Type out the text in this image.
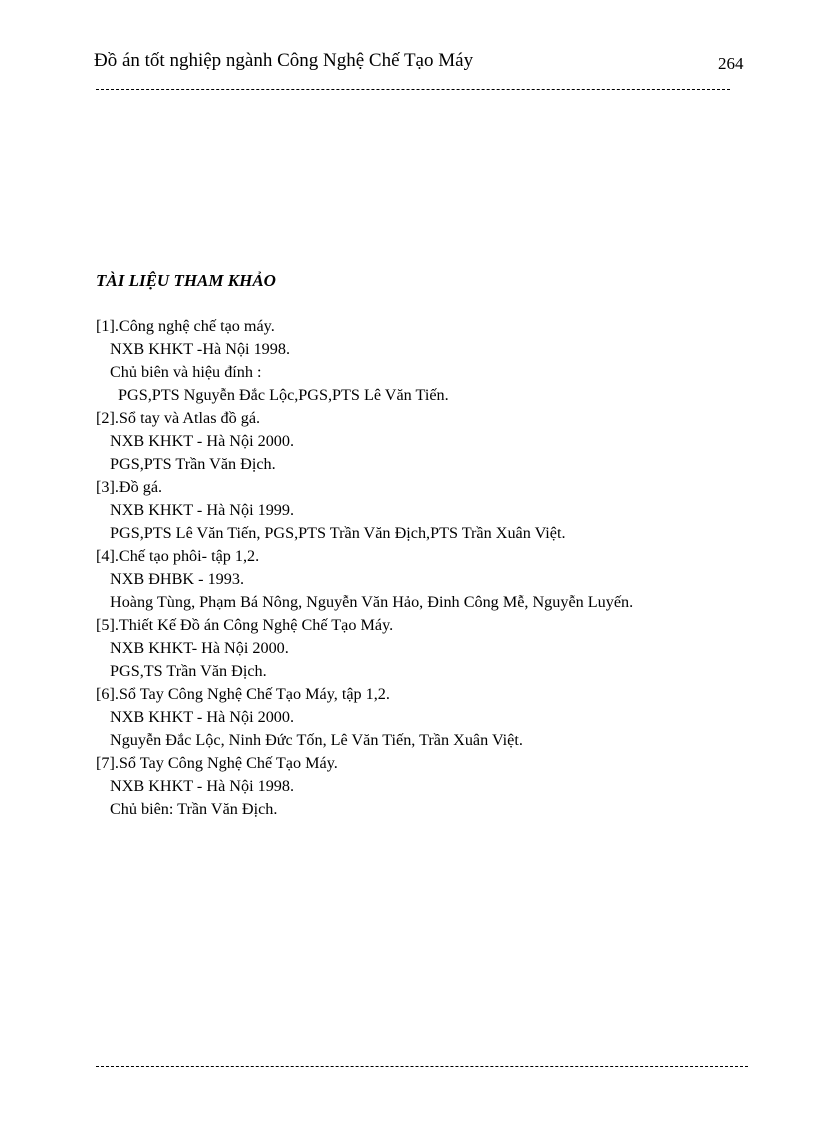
Đồ án tốt nghiệp ngành Công Nghệ Chế Tạo Máy	264
TÀI LIỆU THAM KHẢO
[1].Công nghệ chế tạo máy.
NXB KHKT -Hà Nội 1998.
Chủ biên và hiệu đính :
PGS,PTS Nguyễn Đắc Lộc,PGS,PTS Lê Văn Tiến.
[2].Sổ tay và Atlas đồ gá.
NXB KHKT - Hà Nội 2000.
PGS,PTS Trần Văn Địch.
[3].Đồ gá.
NXB KHKT - Hà Nội 1999.
PGS,PTS Lê Văn Tiến, PGS,PTS Trần Văn Địch,PTS Trần Xuân Việt.
[4].Chế tạo phôi- tập 1,2.
NXB ĐHBK - 1993.
Hoàng Tùng, Phạm Bá Nông, Nguyễn Văn Hảo, Đinh Công Mễ, Nguyễn Luyến.
[5].Thiết Kế Đồ án Công Nghệ Chế Tạo Máy.
NXB KHKT- Hà Nội 2000.
PGS,TS Trần Văn Địch.
[6].Sổ Tay Công Nghệ Chế Tạo Máy, tập 1,2.
NXB KHKT - Hà Nội 2000.
Nguyễn Đắc Lộc, Ninh Đức Tốn, Lê Văn Tiến, Trần Xuân Việt.
[7].Sổ Tay Công Nghệ Chế Tạo Máy.
NXB KHKT - Hà Nội 1998.
Chủ biên: Trần Văn Địch.
